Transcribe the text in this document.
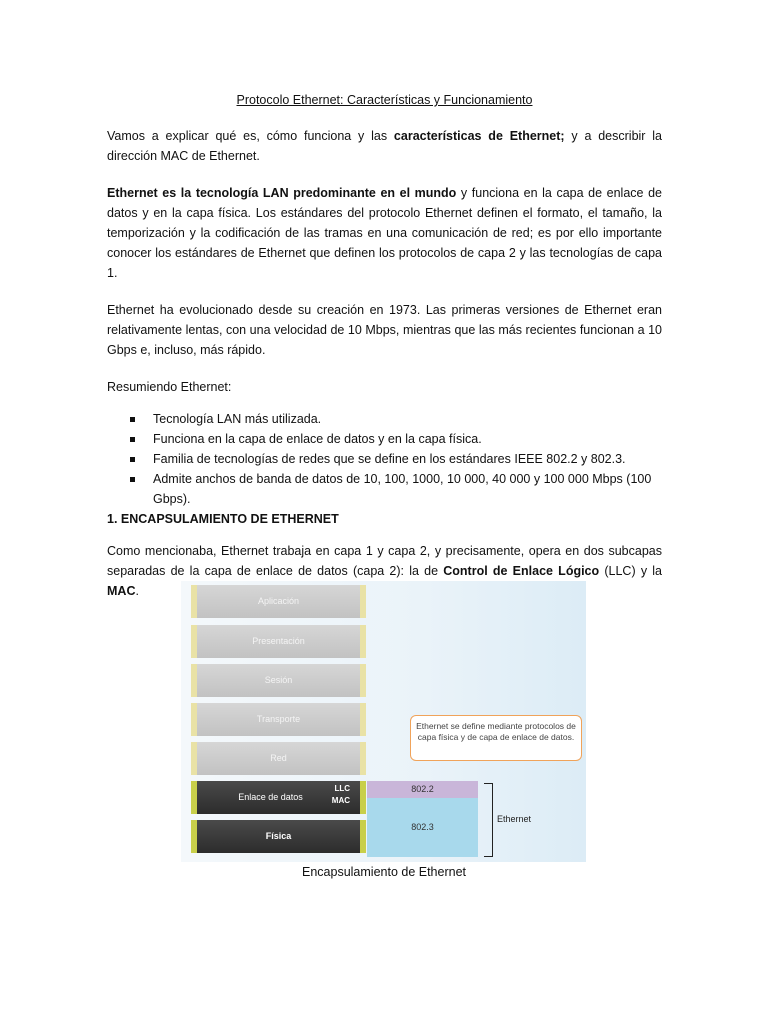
Protocolo Ethernet: Características y Funcionamiento

Vamos a explicar qué es, cómo funciona y las características de Ethernet; y a describir la dirección MAC de Ethernet.

Ethernet es la tecnología LAN predominante en el mundo y funciona en la capa de enlace de datos y en la capa física. Los estándares del protocolo Ethernet definen el formato, el tamaño, la temporización y la codificación de las tramas en una comunicación de red; es por ello importante conocer los estándares de Ethernet que definen los protocolos de capa 2 y las tecnologías de capa 1.

Ethernet ha evolucionado desde su creación en 1973. Las primeras versiones de Ethernet eran relativamente lentas, con una velocidad de 10 Mbps, mientras que las más recientes funcionan a 10 Gbps e, incluso, más rápido.

Resumiendo Ethernet:

Tecnología LAN más utilizada.
Funciona en la capa de enlace de datos y en la capa física.
Familia de tecnologías de redes que se define en los estándares IEEE 802.2 y 802.3.
Admite anchos de banda de datos de 10, 100, 1000, 10 000, 40 000 y 100 000 Mbps (100 Gbps).
1. ENCAPSULAMIENTO DE ETHERNET

Como mencionaba, Ethernet trabaja en capa 1 y capa 2, y precisamente, opera en dos subcapas separadas de la capa de enlace de datos (capa 2): la de Control de Enlace Lógico (LLC) y la MAC.

Aplicación
Presentación
Sesión
Transporte
Red
Enlace de datos
LLC
MAC
Física
802.2
802.3
Ethernet
Ethernet se define mediante protocolos de capa física y de capa de enlace de datos.
Encapsulamiento de Ethernet
